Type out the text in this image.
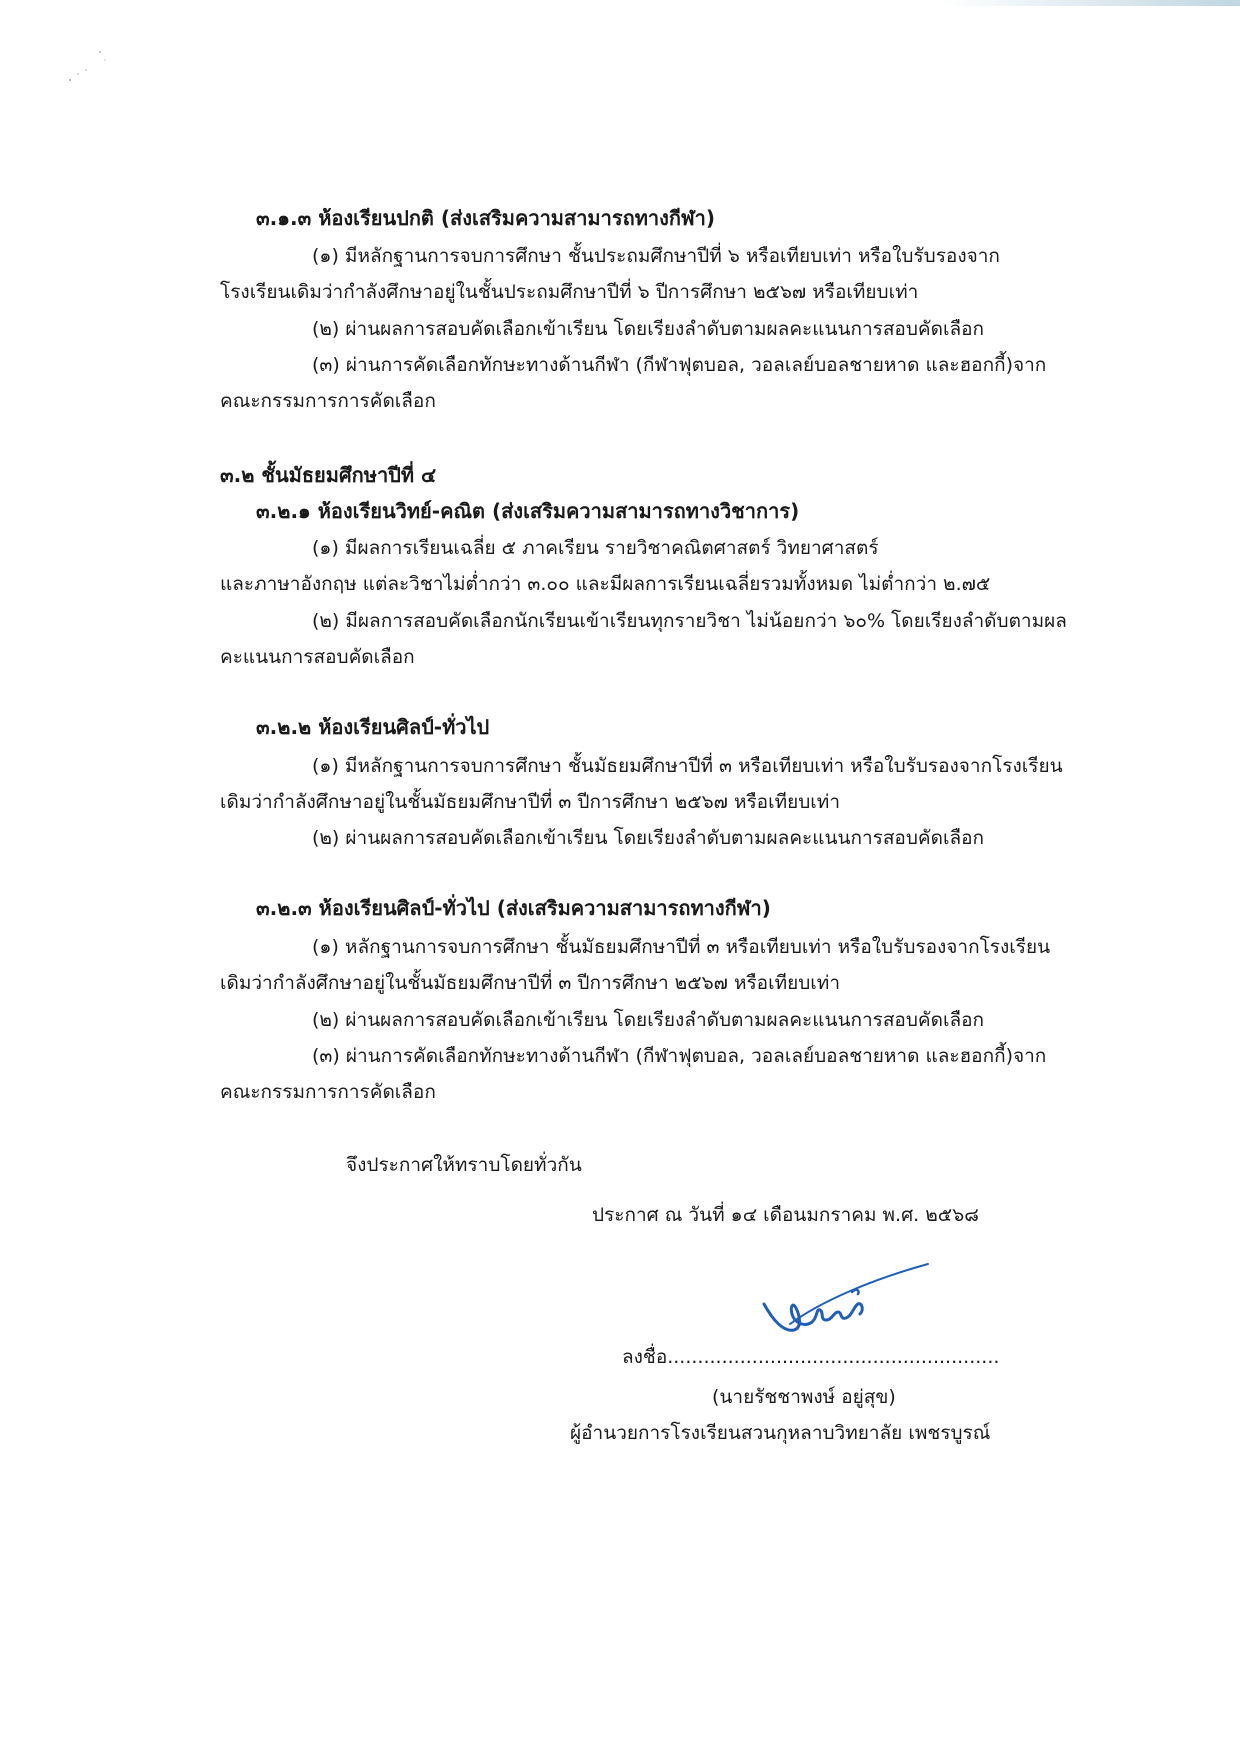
๓.๑.๓ ห้องเรียนปกติ (ส่งเสริมความสามารถทางกีฬา)
(๑) มีหลักฐานการจบการศึกษา ชั้นประถมศึกษาปีที่ ๖ หรือเทียบเท่า หรือใบรับรองจาก
โรงเรียนเดิมว่ากำลังศึกษาอยู่ในชั้นประถมศึกษาปีที่ ๖ ปีการศึกษา ๒๕๖๗ หรือเทียบเท่า
(๒) ผ่านผลการสอบคัดเลือกเข้าเรียน โดยเรียงลำดับตามผลคะแนนการสอบคัดเลือก
(๓) ผ่านการคัดเลือกทักษะทางด้านกีฬา (กีฬาฟุตบอล, วอลเลย์บอลชายหาด และฮอกกี้)จาก
คณะกรรมการการคัดเลือก
๓.๒ ชั้นมัธยมศึกษาปีที่ ๔
๓.๒.๑ ห้องเรียนวิทย์-คณิต (ส่งเสริมความสามารถทางวิชาการ)
(๑) มีผลการเรียนเฉลี่ย ๕ ภาคเรียน รายวิชาคณิตศาสตร์ วิทยาศาสตร์
และภาษาอังกฤษ แต่ละวิชาไม่ต่ำกว่า ๓.๐๐ และมีผลการเรียนเฉลี่ยรวมทั้งหมด ไม่ต่ำกว่า ๒.๗๕
(๒) มีผลการสอบคัดเลือกนักเรียนเข้าเรียนทุกรายวิชา ไม่น้อยกว่า ๖๐% โดยเรียงลำดับตามผล
คะแนนการสอบคัดเลือก
๓.๒.๒ ห้องเรียนศิลป์-ทั่วไป
(๑) มีหลักฐานการจบการศึกษา ชั้นมัธยมศึกษาปีที่ ๓ หรือเทียบเท่า หรือใบรับรองจากโรงเรียน
เดิมว่ากำลังศึกษาอยู่ในชั้นมัธยมศึกษาปีที่ ๓ ปีการศึกษา ๒๕๖๗ หรือเทียบเท่า
(๒) ผ่านผลการสอบคัดเลือกเข้าเรียน โดยเรียงลำดับตามผลคะแนนการสอบคัดเลือก
๓.๒.๓ ห้องเรียนศิลป์-ทั่วไป (ส่งเสริมความสามารถทางกีฬา)
(๑) หลักฐานการจบการศึกษา ชั้นมัธยมศึกษาปีที่ ๓ หรือเทียบเท่า หรือใบรับรองจากโรงเรียน
เดิมว่ากำลังศึกษาอยู่ในชั้นมัธยมศึกษาปีที่ ๓ ปีการศึกษา ๒๕๖๗ หรือเทียบเท่า
(๒) ผ่านผลการสอบคัดเลือกเข้าเรียน โดยเรียงลำดับตามผลคะแนนการสอบคัดเลือก
(๓) ผ่านการคัดเลือกทักษะทางด้านกีฬา (กีฬาฟุตบอล, วอลเลย์บอลชายหาด และฮอกกี้)จาก
คณะกรรมการการคัดเลือก
จึงประกาศให้ทราบโดยทั่วกัน
ประกาศ ณ วันที่ ๑๔ เดือนมกราคม พ.ศ. ๒๕๖๘
ลงชื่อ.......................................................
(นายรัชชาพงษ์ อยู่สุข)
ผู้อำนวยการโรงเรียนสวนกุหลาบวิทยาลัย เพชรบูรณ์
